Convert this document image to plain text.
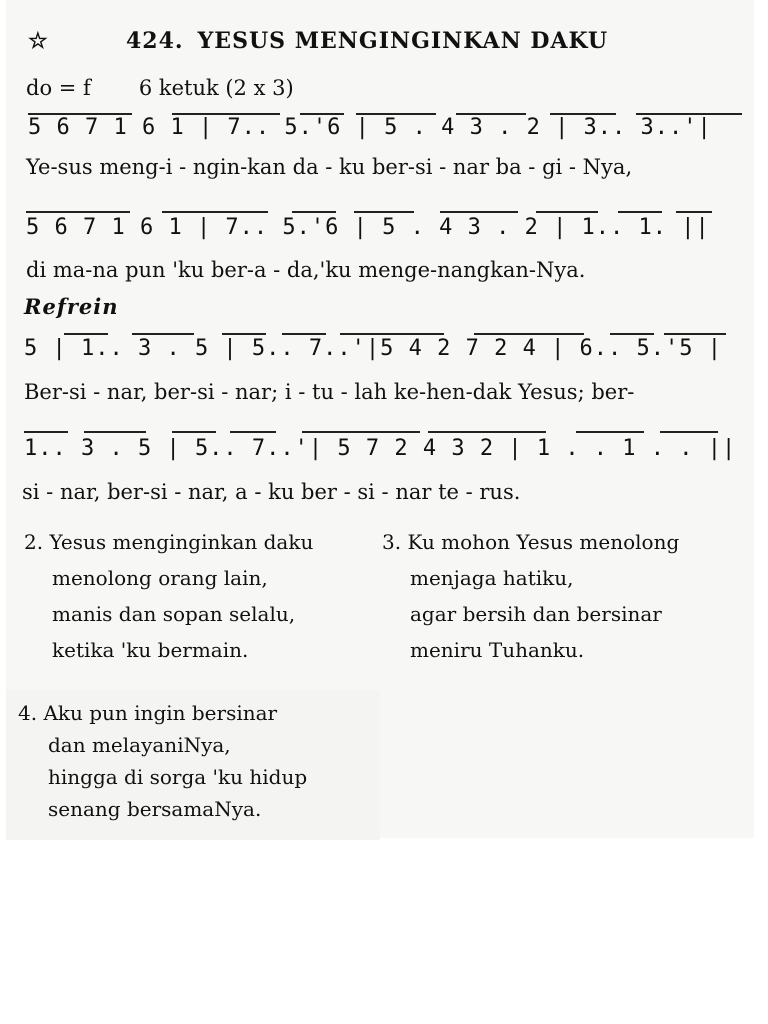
☆	424. YESUS MENGINGINKAN DAKU
do = f 6 ketuk (2 x 3)
5 6 7 1 6 1 | 7.. 5.'6 | 5 . 4 3 . 2 | 3.. 3..'|
Ye-sus meng-i - ngin-kan da - ku ber-si - nar ba - gi - Nya,
5 6 7 1 6 1 | 7.. 5.'6 | 5 . 4 3 . 2 | 1.. 1. ||
di ma-na pun 'ku ber-a - da,'ku menge-nangkan-Nya.
Refrein
5 | 1.. 3 . 5 | 5.. 7..'|5 4 2 7 2 4 | 6.. 5.'5 |
Ber-si - nar, ber-si - nar; i - tu - lah ke-hen-dak Yesus; ber-
1.. 3 . 5 | 5.. 7..'| 5 7 2 4 3 2 | 1 . . 1 . . ||
si - nar, ber-si - nar, a - ku ber - si - nar te - rus.
2. Yesus menginginkan daku
menolong orang lain,
manis dan sopan selalu,
ketika 'ku bermain.
3. Ku mohon Yesus menolong
menjaga hatiku,
agar bersih dan bersinar
meniru Tuhanku.
4. Aku pun ingin bersinar
dan melayaniNya,
hingga di sorga 'ku hidup
senang bersamaNya.
